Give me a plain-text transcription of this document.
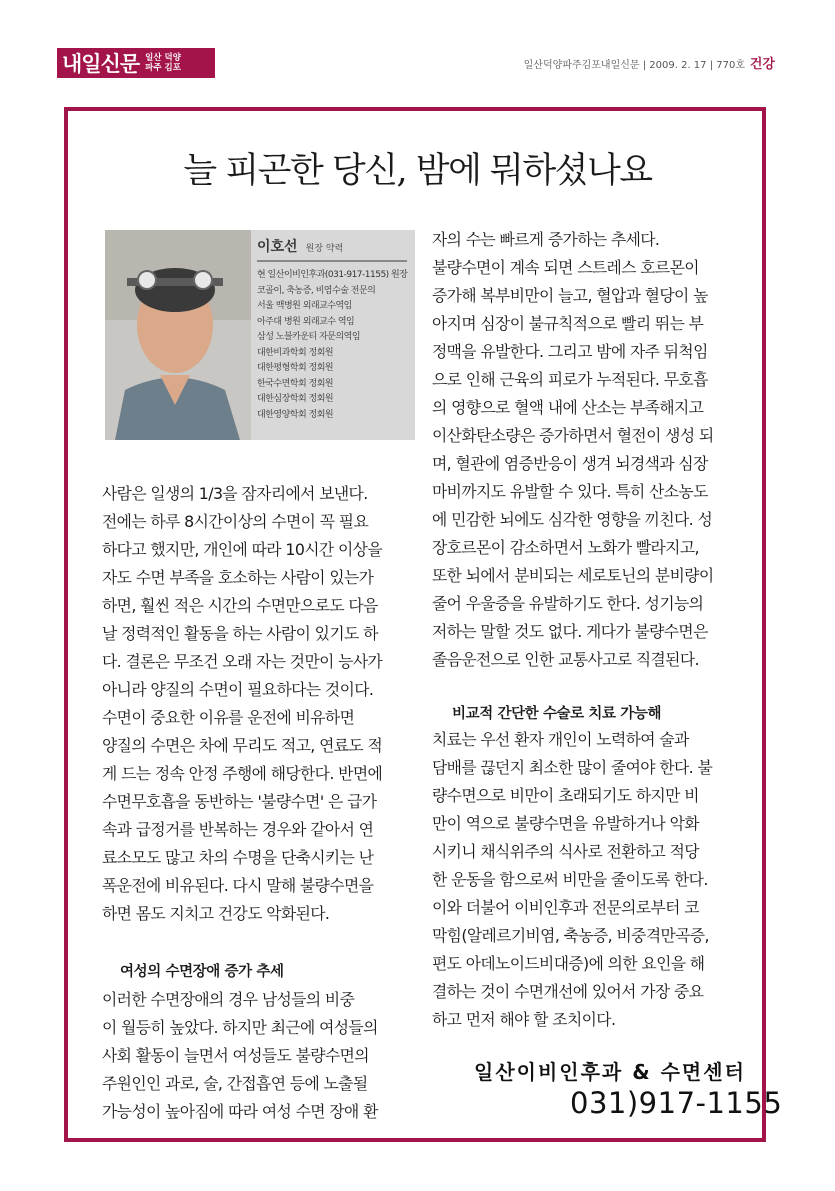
내일신문 일산 덕양
파주 김포	일산덕양파주김포내일신문 | 2009. 2. 17 | 770호 건강
늘 피곤한 당신, 밤에 뭐하셨나요
이호선 원장 약력
현 일산이비인후과(031-917-1155) 원장
코골이, 축농증, 비염수술 전문의
서울 백병원 외래교수역임
아주대 병원 외래교수 역임
삼성 노블카운티 자문의역임
대한비과학회 정회원
대한평형학회 정회원
한국수면학회 정회원
대한심장학회 정회원
대한영양학회 정회원
사람은 일생의 1/3을 잠자리에서 보낸다.
전에는 하루 8시간이상의 수면이 꼭 필요
하다고 했지만, 개인에 따라 10시간 이상을
자도 수면 부족을 호소하는 사람이 있는가
하면, 훨씬 적은 시간의 수면만으로도 다음
날 정력적인 활동을 하는 사람이 있기도 하
다. 결론은 무조건 오래 자는 것만이 능사가
아니라 양질의 수면이 필요하다는 것이다.
수면이 중요한 이유를 운전에 비유하면
양질의 수면은 차에 무리도 적고, 연료도 적
게 드는 정속 안정 주행에 해당한다. 반면에
수면무호흡을 동반하는 '불량수면' 은 급가
속과 급정거를 반복하는 경우와 같아서 연
료소모도 많고 차의 수명을 단축시키는 난
폭운전에 비유된다. 다시 말해 불량수면을
하면 몸도 지치고 건강도 악화된다.
여성의 수면장애 증가 추세
이러한 수면장애의 경우 남성들의 비중
이 월등히 높았다. 하지만 최근에 여성들의
사회 활동이 늘면서 여성들도 불량수면의
주원인인 과로, 술, 간접흡연 등에 노출될
가능성이 높아짐에 따라 여성 수면 장애 환
자의 수는 빠르게 증가하는 추세다.
불량수면이 계속 되면 스트레스 호르몬이
증가해 복부비만이 늘고, 혈압과 혈당이 높
아지며 심장이 불규칙적으로 빨리 뛰는 부
정맥을 유발한다. 그리고 밤에 자주 뒤척임
으로 인해 근육의 피로가 누적된다. 무호흡
의 영향으로 혈액 내에 산소는 부족해지고
이산화탄소량은 증가하면서 혈전이 생성 되
며, 혈관에 염증반응이 생겨 뇌경색과 심장
마비까지도 유발할 수 있다. 특히 산소농도
에 민감한 뇌에도 심각한 영향을 끼친다. 성
장호르몬이 감소하면서 노화가 빨라지고,
또한 뇌에서 분비되는 세로토닌의 분비량이
줄어 우울증을 유발하기도 한다. 성기능의
저하는 말할 것도 없다. 게다가 불량수면은
졸음운전으로 인한 교통사고로 직결된다.
비교적 간단한 수술로 치료 가능해
치료는 우선 환자 개인이 노력하여 술과
담배를 끊던지 최소한 많이 줄여야 한다. 불
량수면으로 비만이 초래되기도 하지만 비
만이 역으로 불량수면을 유발하거나 악화
시키니 채식위주의 식사로 전환하고 적당
한 운동을 함으로써 비만을 줄이도록 한다.
이와 더불어 이비인후과 전문의로부터 코
막힘(알레르기비염, 축농증, 비중격만곡증,
편도 아데노이드비대증)에 의한 요인을 해
결하는 것이 수면개선에 있어서 가장 중요
하고 먼저 해야 할 조치이다.
일산이비인후과 & 수면센터
031)917-1155
